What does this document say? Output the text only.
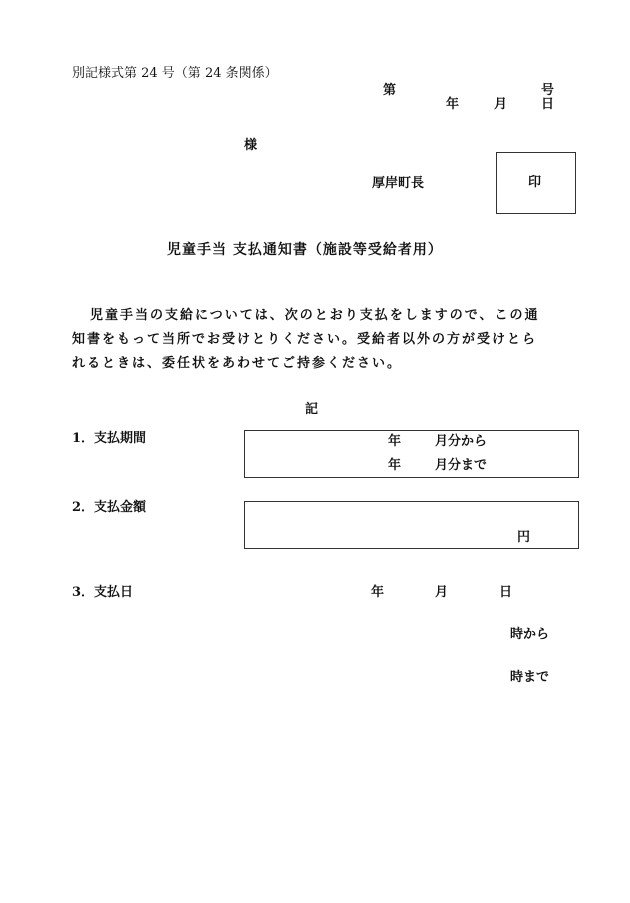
別記様式第 24 号（第 24 条関係）
第	号
年	月	日
様
厚岸町長	印
児童手当 支払通知書（施設等受給者用）
児童手当の支給については、次のとおり支払をしますので、この通
知書をもって当所でお受けとりください。受給者以外の方が受けとら
れるときは、委任状をあわせてご持参ください。
記
1．支払期間	年	月分から
年	月分まで
2．支払金額
円
3．支払日	年	月	日
時から
時まで
